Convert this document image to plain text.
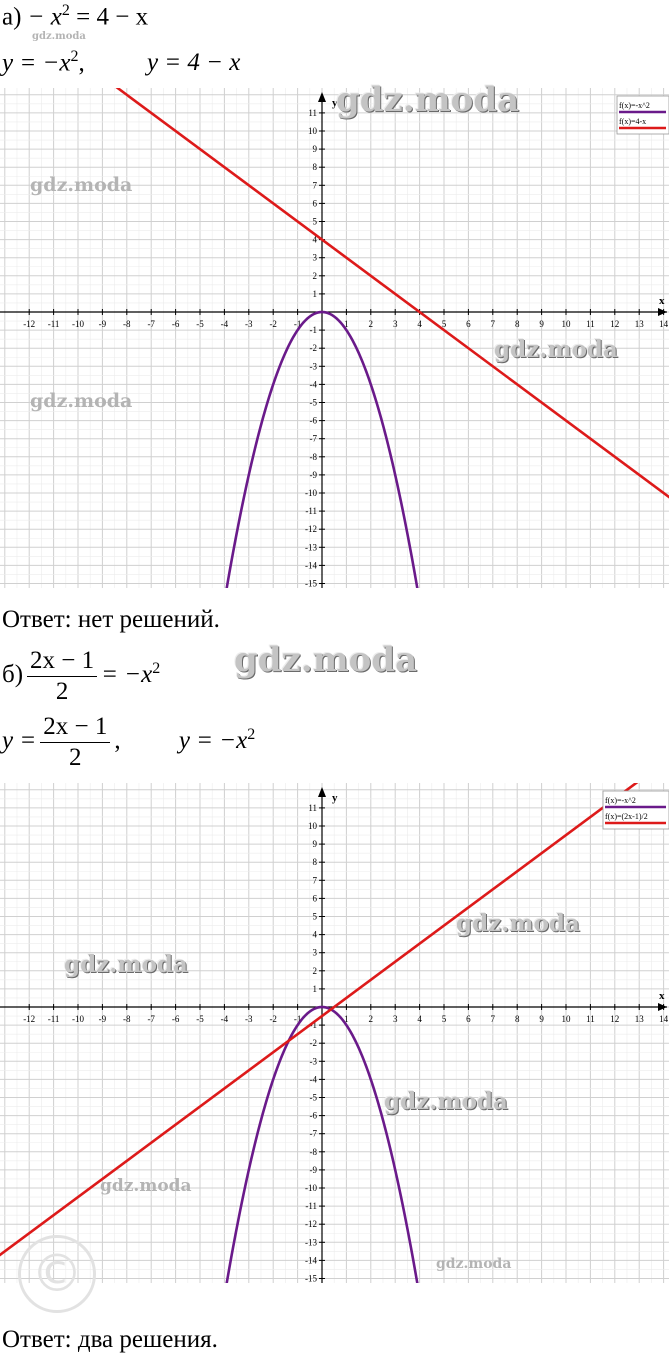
$а) - x^2 = 4 - x$
$y = -x^2$, y = 4 − x
x
y
-12 -11 -10 -9 -8 -7 -6 -5 -4 -3 -2 -1	1 2 3 4 5 6 7 8 9 10 11 12 13 14
11
10
9
8
7
6
5
4
3
2
1
-1
-2
-3
-4
-5
-6
-7
-8
-9
-10
-11
-12
-13
-14
-15
f(x)=-x^2
f(x)=4-x
Ответ: нет решений.
$б) \frac{2x - 1}{2} = -x^2$
$y = \frac{2x - 1}{2}$ , $y = -x^2$
x
y
-12 -11 -10 -9 -8 -7 -6 -5 -4 -3 -2 -1	1 2 3 4 5 6 7 8 9 10 11 12 13 14
11
10
9
8
7
6
5
4
3
2
1
-1
-2
-3
-4
-5
-6
-7
-8
-9
-10
-11
-12
-13
-14
-15
f(x)=-x^2
f(x)=(2x-1)/2
Ответ: два решения.
gdz.moda
gdz.moda
gdz.moda
gdz.moda
gdz.moda
gdz.moda
gdz.moda
gdz.moda
gdz.moda
gdz.moda
gdz.moda
©
